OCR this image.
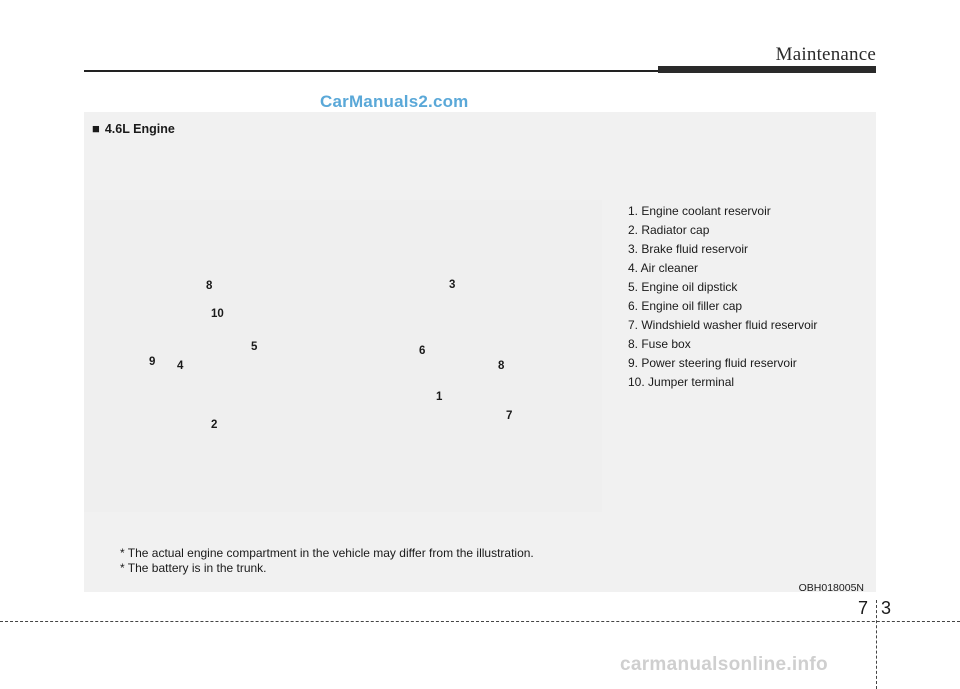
Maintenance
CarManuals2.com
■ 4.6L Engine
8	3
10
5	6
9 4	8
1
7
2
1. Engine coolant reservoir
2. Radiator cap
3. Brake fluid reservoir
4. Air cleaner
5. Engine oil dipstick
6. Engine oil filler cap
7. Windshield washer fluid reservoir
8. Fuse box
9. Power steering fluid reservoir
10. Jumper terminal
* The actual engine compartment in the vehicle may differ from the illustration.
* The battery is in the trunk.
OBH018005N
7 3
carmanualsonline.info
